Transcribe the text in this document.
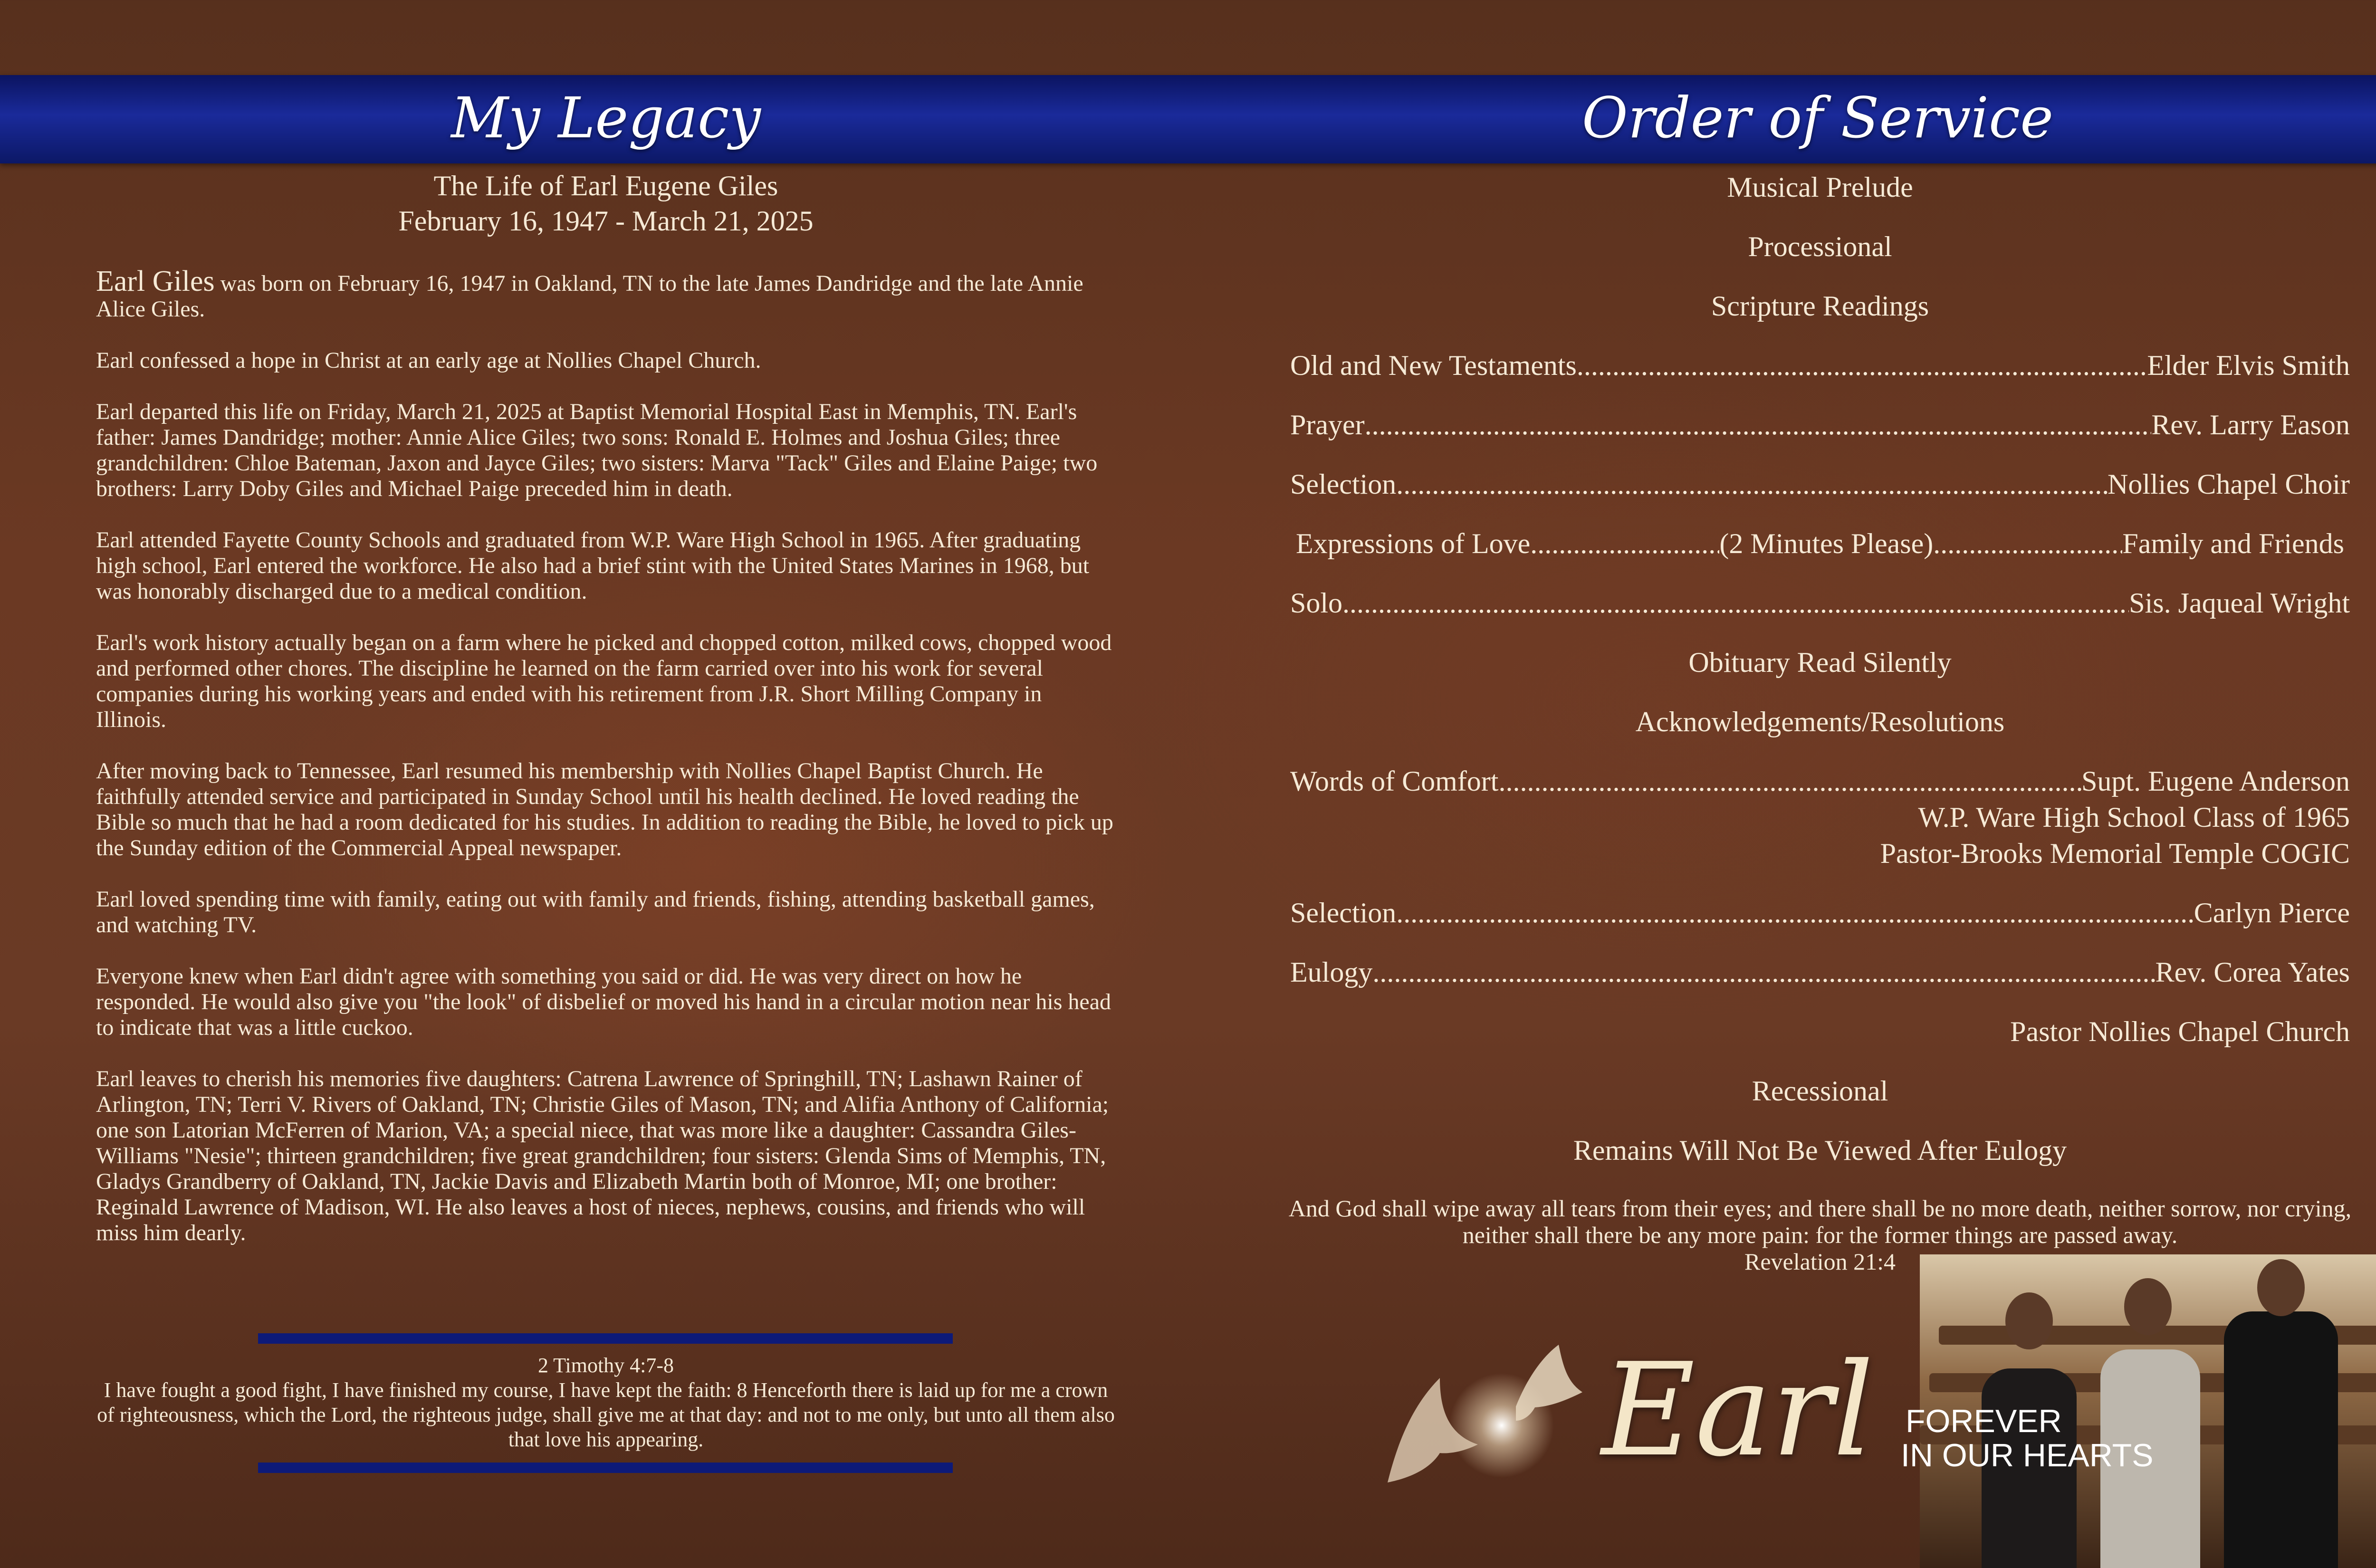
My Legacy	Order of Service
The Life of Earl Eugene Giles
February 16, 1947 - March 21, 2025

Earl Giles was born on February 16, 1947 in Oakland, TN to the late James Dandridge and the late Annie Alice Giles.

Earl confessed a hope in Christ at an early age at Nollies Chapel Church.

Earl departed this life on Friday, March 21, 2025 at Baptist Memorial Hospital East in Memphis, TN. Earl's father: James Dandridge; mother: Annie Alice Giles; two sons: Ronald E. Holmes and Joshua Giles; three grandchildren: Chloe Bateman, Jaxon and Jayce Giles; two sisters: Marva "Tack" Giles and Elaine Paige; two brothers: Larry Doby Giles and Michael Paige preceded him in death.

Earl attended Fayette County Schools and graduated from W.P. Ware High School in 1965. After graduating high school, Earl entered the workforce. He also had a brief stint with the United States Marines in 1968, but was honorably discharged due to a medical condition.

Earl's work history actually began on a farm where he picked and chopped cotton, milked cows, chopped wood and performed other chores. The discipline he learned on the farm carried over into his work for several companies during his working years and ended with his retirement from J.R. Short Milling Company in Illinois.

After moving back to Tennessee, Earl resumed his membership with Nollies Chapel Baptist Church. He faithfully attended service and participated in Sunday School until his health declined. He loved reading the Bible so much that he had a room dedicated for his studies. In addition to reading the Bible, he loved to pick up the Sunday edition of the Commercial Appeal newspaper.

Earl loved spending time with family, eating out with family and friends, fishing, attending basketball games, and watching TV.

Everyone knew when Earl didn't agree with something you said or did. He was very direct on how he responded. He would also give you "the look" of disbelief or moved his hand in a circular motion near his head to indicate that was a little cuckoo.

Earl leaves to cherish his memories five daughters: Catrena Lawrence of Springhill, TN; Lashawn Rainer of Arlington, TN; Terri V. Rivers of Oakland, TN; Christie Giles of Mason, TN; and Alifia Anthony of California; one son Latorian McFerren of Marion, VA; a special niece, that was more like a daughter: Cassandra Giles-Williams "Nesie"; thirteen grandchildren; five great grandchildren; four sisters: Glenda Sims of Memphis, TN, Gladys Grandberry of Oakland, TN, Jackie Davis and Elizabeth Martin both of Monroe, MI; one brother: Reginald Lawrence of Madison, WI. He also leaves a host of nieces, nephews, cousins, and friends who will miss him dearly.

2 Timothy 4:7-8
I have fought a good fight, I have finished my course, I have kept the faith: 8 Henceforth there is laid up for me a crown of righteousness, which the Lord, the righteous judge, shall give me at that day: and not to me only, but unto all them also that love his appearing.
Musical Prelude
Processional
Scripture Readings
Old and New Testaments .....	Elder Elvis Smith
Prayer .....	Rev. Larry Eason
Selection .....	Nollies Chapel Choir
Expressions of Love .....	(2 Minutes Please) .....	Family and Friends
Solo .....	Sis. Jaqueal Wright
Obituary Read Silently
Acknowledgements/Resolutions
Words of Comfort .....	Supt. Eugene Anderson
W.P. Ware High School Class of 1965
Pastor-Brooks Memorial Temple COGIC
Selection .....	Carlyn Pierce
Eulogy .....	Rev. Corea Yates
Pastor Nollies Chapel Church
Recessional
Remains Will Not Be Viewed After Eulogy
And God shall wipe away all tears from their eyes; and there shall be no more death, neither sorrow, nor crying, neither shall there be any more pain: for the former things are passed away.
Revelation 21:4
Earl FOREVER
IN OUR HEARTS
